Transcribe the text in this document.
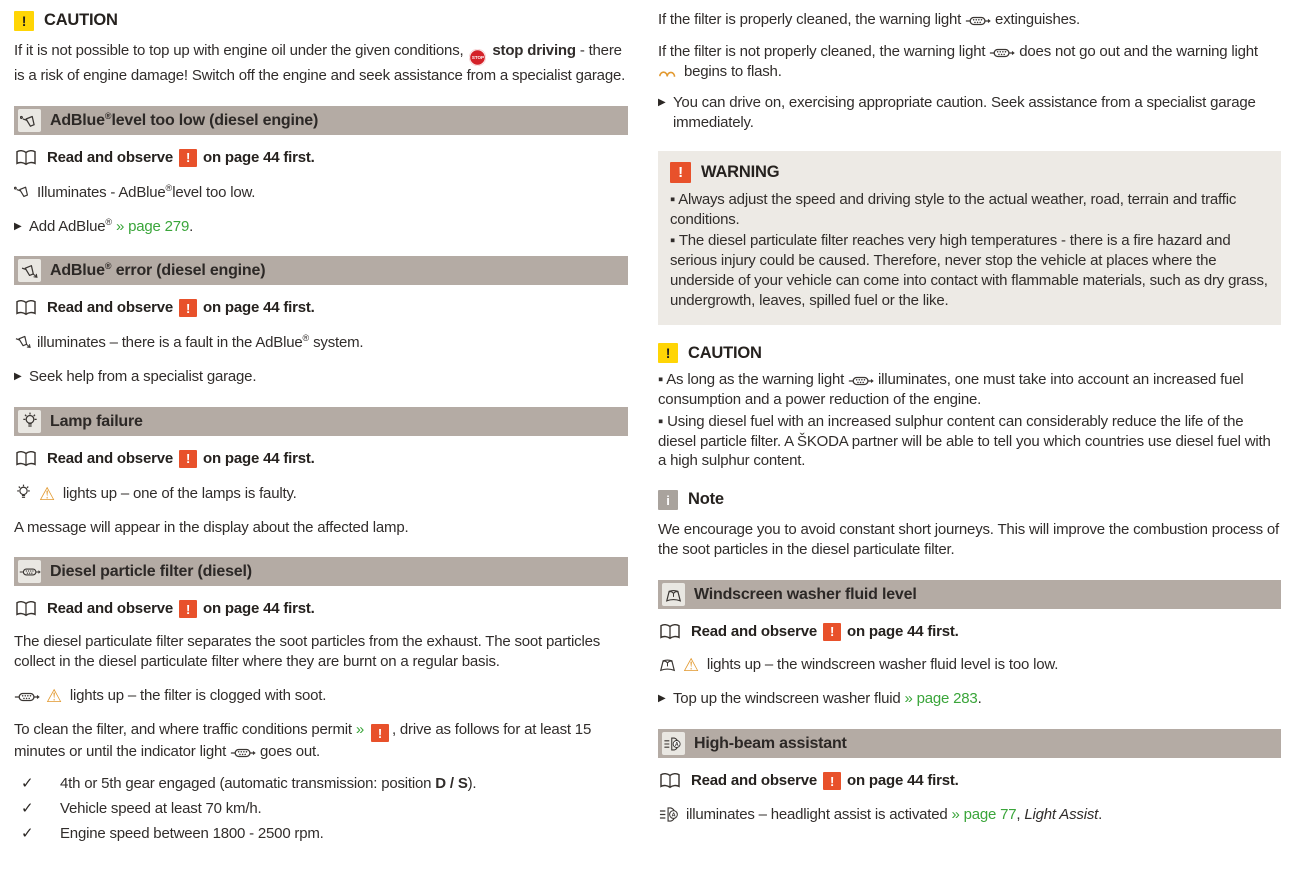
!	CAUTION
If it is not possible to top up with engine oil under the given conditions, STOP stop driving - there is a risk of engine damage! Switch off the engine and seek assistance from a specialist garage.
AdBlue®level too low (diesel engine)
Read and observe ! on page 44 first.
Illuminates - AdBlue®level too low.
▶ Add AdBlue® » page 279.
AdBlue® error (diesel engine)
Read and observe ! on page 44 first.
illuminates – there is a fault in the AdBlue® system.
▶ Seek help from a specialist garage.
Lamp failure
Read and observe ! on page 44 first.
⚠ lights up – one of the lamps is faulty.
A message will appear in the display about the affected lamp.
Diesel particle filter (diesel)
Read and observe ! on page 44 first.
The diesel particulate filter separates the soot particles from the exhaust. The soot particles collect in the diesel particulate filter where they are burnt on a regular basis.
⚠ lights up – the filter is clogged with soot.
To clean the filter, and where traffic conditions permit » ! , drive as follows for at least 15 minutes or until the indicator light goes out.
✓	4th or 5th gear engaged (automatic transmission: position D / S).
✓	Vehicle speed at least 70 km/h.
✓	Engine speed between 1800 - 2500 rpm.
If the filter is properly cleaned, the warning light extinguishes.
If the filter is not properly cleaned, the warning light does not go out and the warning light  begins to flash.
▶ You can drive on, exercising appropriate caution. Seek assistance from a specialist garage immediately.
!	WARNING
▪ Always adjust the speed and driving style to the actual weather, road, terrain and traffic conditions.
▪ The diesel particulate filter reaches very high temperatures - there is a fire hazard and serious injury could be caused. Therefore, never stop the vehicle at places where the underside of your vehicle can come into contact with flammable materials, such as dry grass, undergrowth, leaves, spilled fuel or the like.
!	CAUTION
▪ As long as the warning light illuminates, one must take into account an increased fuel consumption and a power reduction of the engine.
▪ Using diesel fuel with an increased sulphur content can considerably reduce the life of the diesel particle filter. A ŠKODA partner will be able to tell you which countries use diesel fuel with a high sulphur content.
i	Note
We encourage you to avoid constant short journeys. This will improve the combustion process of the soot particles in the diesel particulate filter.
Windscreen washer fluid level
Read and observe ! on page 44 first.
⚠ lights up – the windscreen washer fluid level is too low.
▶ Top up the windscreen washer fluid » page 283.
High-beam assistant
Read and observe ! on page 44 first.
illuminates – headlight assist is activated » page 77, Light Assist.
